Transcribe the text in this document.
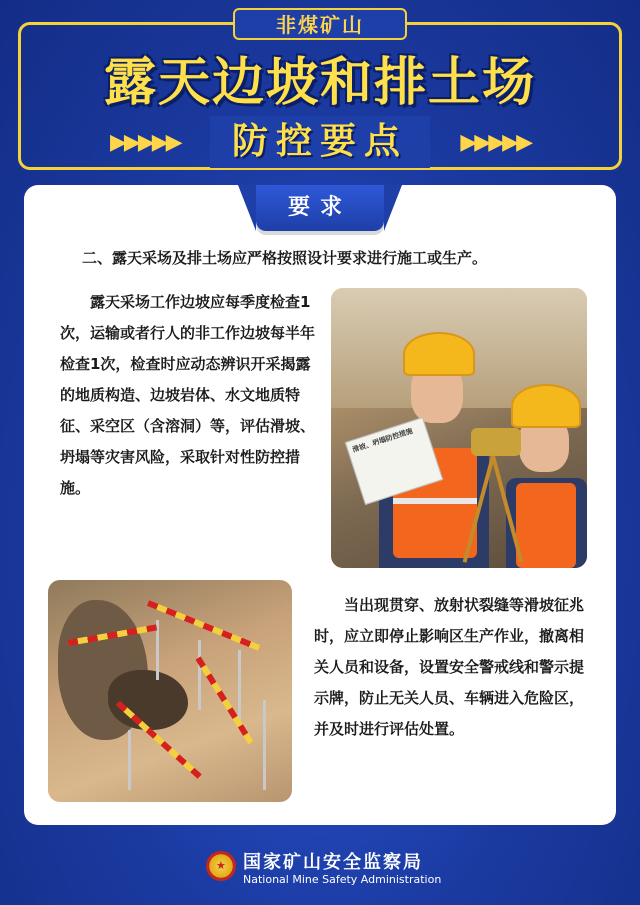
非煤矿山
露天边坡和排土场
▶▶▶▶▶	▶▶▶▶▶
防控要点
要求
二、露天采场及排土场应严格按照设计要求进行施工或生产。

露天采场工作边坡应每季度检查1次，运输或者行人的非工作边坡每半年检查1次，检查时应动态辨识开采揭露的地质构造、边坡岩体、水文地质特征、采空区（含溶洞）等，评估滑坡、坍塌等灾害风险，采取针对性防控措施。

滑坡、坍塌防控措施

当出现贯穿、放射状裂缝等滑坡征兆时，应立即停止影响区生产作业，撤离相关人员和设备，设置安全警戒线和警示提示牌，防止无关人员、车辆进入危险区，并及时进行评估处置。

★ 国家矿山安全监察局
National Mine Safety Administration
